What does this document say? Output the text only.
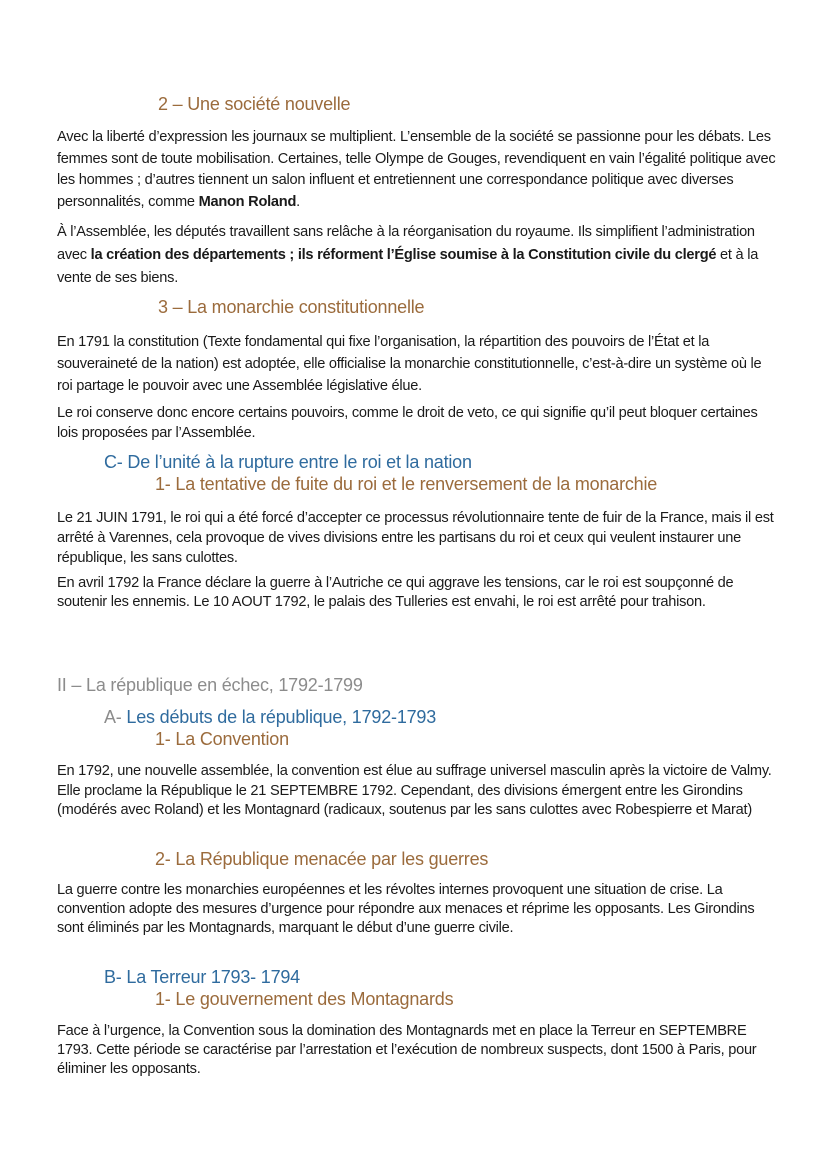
2 – Une société nouvelle

Avec la liberté d’expression les journaux se multiplient. L’ensemble de la société se passionne pour les débats. Les femmes sont de toute mobilisation. Certaines, telle Olympe de Gouges, revendiquent en vain l’égalité politique avec les hommes ; d’autres tiennent un salon influent et entretiennent une correspondance politique avec diverses personnalités, comme Manon Roland.

À l’Assemblée, les députés travaillent sans relâche à la réorganisation du royaume. Ils simplifient l’administration avec la création des départements ; ils réforment l’Église soumise à la Constitution civile du clergé et à la vente de ses biens.

3 – La monarchie constitutionnelle

En 1791 la constitution (Texte fondamental qui fixe l’organisation, la répartition des pouvoirs de l’État et la souveraineté de la nation) est adoptée, elle officialise la monarchie constitutionnelle, c’est-à-dire un système où le roi partage le pouvoir avec une Assemblée législative élue.

Le roi conserve donc encore certains pouvoirs, comme le droit de veto, ce qui signifie qu’il peut bloquer certaines lois proposées par l’Assemblée.

C- De l’unité à la rupture entre le roi et la nation
1- La tentative de fuite du roi et le renversement de la monarchie

Le 21 JUIN 1791, le roi qui a été forcé d’accepter ce processus révolutionnaire tente de fuir de la France, mais il est arrêté à Varennes, cela provoque de vives divisions entre les partisans du roi et ceux qui veulent instaurer une république, les sans culottes.

En avril 1792 la France déclare la guerre à l’Autriche ce qui aggrave les tensions, car le roi est soupçonné de soutenir les ennemis. Le 10 AOUT 1792, le palais des Tulleries est envahi, le roi est arrêté pour trahison.

II – La république en échec, 1792-1799
A- Les débuts de la république, 1792-1793
1- La Convention

En 1792, une nouvelle assemblée, la convention est élue au suffrage universel masculin après la victoire de Valmy. Elle proclame la République le 21 SEPTEMBRE 1792. Cependant, des divisions émergent entre les Girondins (modérés avec Roland) et les Montagnard (radicaux, soutenus par les sans culottes avec Robespierre et Marat)

2- La République menacée par les guerres

La guerre contre les monarchies européennes et les révoltes internes provoquent une situation de crise. La convention adopte des mesures d’urgence pour répondre aux menaces et réprime les opposants. Les Girondins sont éliminés par les Montagnards, marquant le début d’une guerre civile.

B- La Terreur 1793- 1794
1- Le gouvernement des Montagnards

Face à l’urgence, la Convention sous la domination des Montagnards met en place la Terreur en SEPTEMBRE 1793. Cette période se caractérise par l’arrestation et l’exécution de nombreux suspects, dont 1500 à Paris, pour éliminer les opposants.
